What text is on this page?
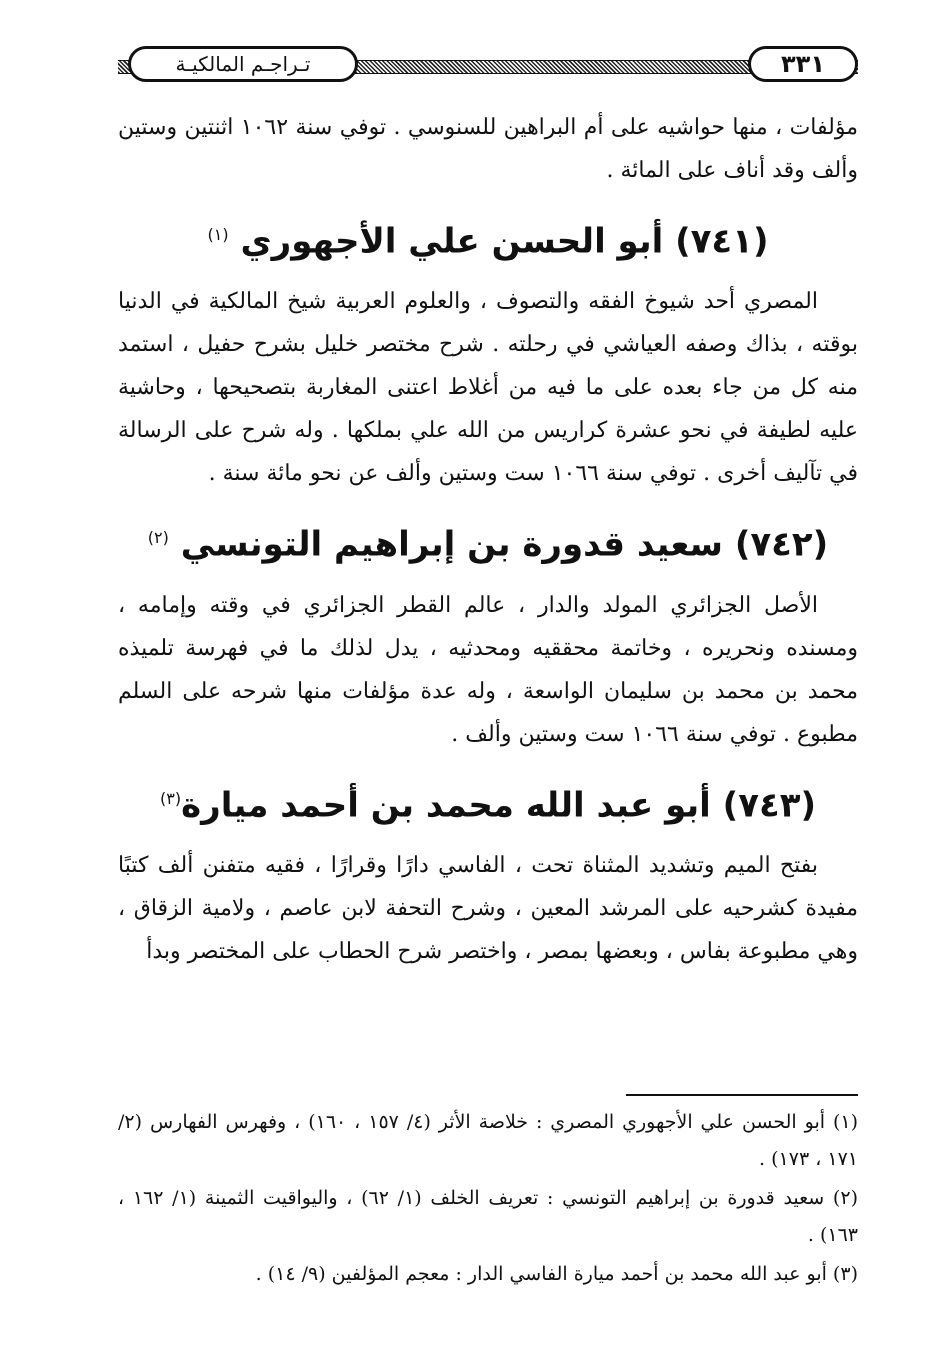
تـراجـم المالكيـة	٣٣١

مؤلفات ، منها حواشيه على أم البراهين للسنوسي . توفي سنة ١٠٦٢ اثنتين وستين وألف وقد أناف على المائة .

(٧٤١) أبو الحسن علي الأجهوري $^{(١)}$

المصري أحد شيوخ الفقه والتصوف ، والعلوم العربية شيخ المالكية في الدنيا بوقته ، بذاك وصفه العياشي في رحلته . شرح مختصر خليل بشرح حفيل ، استمد منه كل من جاء بعده على ما فيه من أغلاط اعتنى المغاربة بتصحيحها ، وحاشية عليه لطيفة في نحو عشرة كراريس من الله علي بملكها . وله شرح على الرسالة في تآليف أخرى . توفي سنة ١٠٦٦ ست وستين وألف عن نحو مائة سنة .

(٧٤٢) سعيد قدورة بن إبراهيم التونسي $^{(٢)}$

الأصل الجزائري المولد والدار ، عالم القطر الجزائري في وقته وإمامه ، ومسنده ونحريره ، وخاتمة محققيه ومحدثيه ، يدل لذلك ما في فهرسة تلميذه محمد بن محمد بن سليمان الواسعة ، وله عدة مؤلفات منها شرحه على السلم مطبوع . توفي سنة ١٠٦٦ ست وستين وألف .

(٧٤٣) أبو عبد الله محمد بن أحمد ميارة$^{(٣)}$

بفتح الميم وتشديد المثناة تحت ، الفاسي دارًا وقرارًا ، فقيه متفنن ألف كتبًا مفيدة كشرحيه على المرشد المعين ، وشرح التحفة لابن عاصم ، ولامية الزقاق ، وهي مطبوعة بفاس ، وبعضها بمصر ، واختصر شرح الحطاب على المختصر وبدأ

(١) أبو الحسن علي الأجهوري المصري : خلاصة الأثر (٤/ ١٥٧ ، ١٦٠) ، وفهرس الفهارس (٢/ ١٧١ ، ١٧٣) .

(٢) سعيد قدورة بن إبراهيم التونسي : تعريف الخلف (١/ ٦٢) ، واليواقيت الثمينة (١/ ١٦٢ ، ١٦٣) .

(٣) أبو عبد الله محمد بن أحمد ميارة الفاسي الدار : معجم المؤلفين (٩/ ١٤) .
